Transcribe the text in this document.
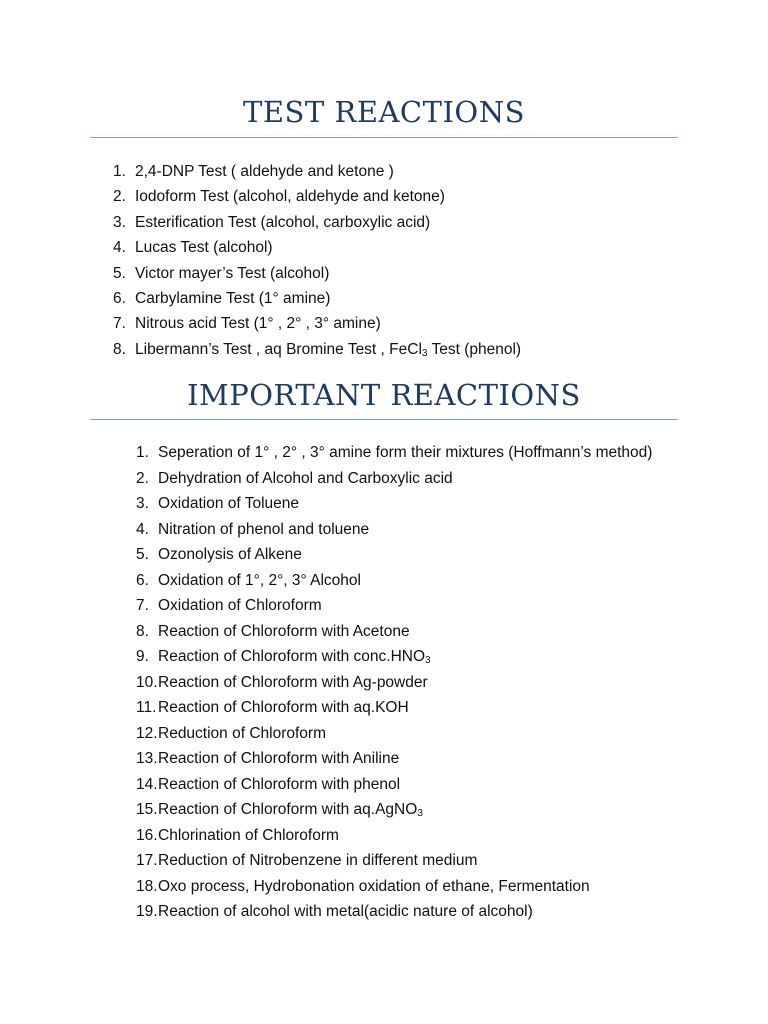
TEST REACTIONS
1. 2,4-DNP Test ( aldehyde and ketone )
2. Iodoform Test (alcohol, aldehyde and ketone)
3. Esterification Test (alcohol, carboxylic acid)
4. Lucas Test (alcohol)
5. Victor mayer’s Test (alcohol)
6. Carbylamine Test (1° amine)
7. Nitrous acid Test (1° , 2° , 3° amine)
8. Libermann’s Test , aq Bromine Test , FeCl$_3$ Test (phenol)
IMPORTANT REACTIONS
1. Seperation of 1° , 2° , 3° amine form their mixtures (Hoffmann’s method)
2. Dehydration of Alcohol and Carboxylic acid
3. Oxidation of Toluene
4. Nitration of phenol and toluene
5. Ozonolysis of Alkene
6. Oxidation of 1°, 2°, 3° Alcohol
7. Oxidation of Chloroform
8. Reaction of Chloroform with Acetone
9. Reaction of Chloroform with $conc.HNO_3$
10.Reaction of Chloroform with Ag-powder
11. Reaction of Chloroform with aq.KOH
12.Reduction of Chloroform
13.Reaction of Chloroform with Aniline
14.Reaction of Chloroform with phenol
15.Reaction of Chloroform with aq.AgNO$_3$
16.Chlorination of Chloroform
17.Reduction of Nitrobenzene in different medium
18.Oxo process, Hydrobonation oxidation of ethane, Fermentation
19.Reaction of alcohol with metal(acidic nature of alcohol)
